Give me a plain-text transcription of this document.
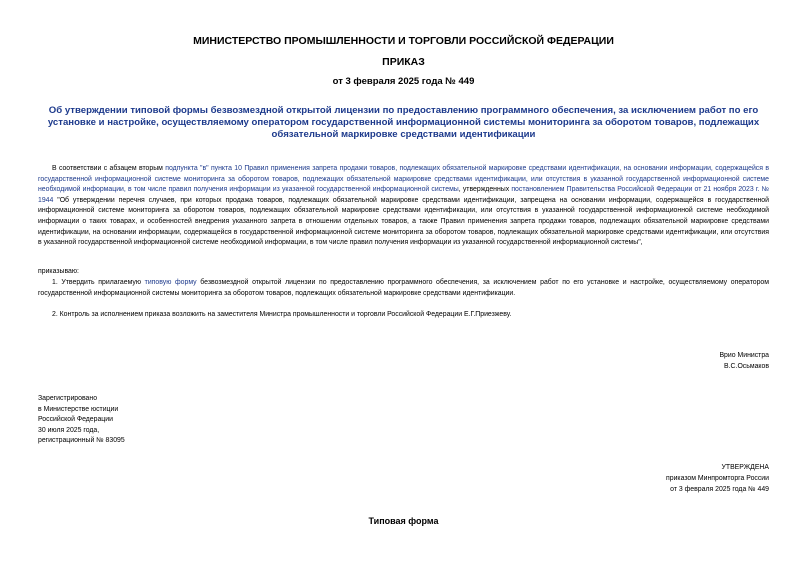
МИНИСТЕРСТВО ПРОМЫШЛЕННОСТИ И ТОРГОВЛИ РОССИЙСКОЙ ФЕДЕРАЦИИ
ПРИКАЗ
от 3 февраля 2025 года № 449
Об утверждении типовой формы безвозмездной открытой лицензии по предоставлению программного обеспечения, за исключением работ по его установке и настройке, осуществляемому оператором государственной информационной системы мониторинга за оборотом товаров, подлежащих обязательной маркировке средствами идентификации
В соответствии с абзацем вторым подпункта "в" пункта 10 Правил применения запрета продажи товаров, подлежащих обязательной маркировке средствами идентификации, на основании информации, содержащейся в государственной информационной системе мониторинга за оборотом товаров, подлежащих обязательной маркировке средствами идентификации, или отсутствия в указанной государственной информационной системе необходимой информации, в том числе правил получения информации из указанной государственной информационной системы, утвержденных постановлением Правительства Российской Федерации от 21 ноября 2023 г. № 1944 "Об утверждении перечня случаев, при которых продажа товаров, подлежащих обязательной маркировке средствами идентификации, запрещена на основании информации, содержащейся в государственной информационной системе мониторинга за оборотом товаров, подлежащих обязательной маркировке средствами идентификации, или отсутствия в указанной государственной информационной системе необходимой информации о таких товарах, и особенностей внедрения указанного запрета в отношении отдельных товаров, а также Правил применения запрета продажи товаров, подлежащих обязательной маркировке средствами идентификации, на основании информации, содержащейся в государственной информационной системе мониторинга за оборотом товаров, подлежащих обязательной маркировке средствами идентификации, или отсутствия в указанной государственной информационной системе необходимой информации, в том числе правил получения информации из указанной государственной информационной системы",
приказываю:
1. Утвердить прилагаемую типовую форму безвозмездной открытой лицензии по предоставлению программного обеспечения, за исключением работ по его установке и настройке, осуществляемому оператором государственной информационной системы мониторинга за оборотом товаров, подлежащих обязательной маркировке средствами идентификации.
2. Контроль за исполнением приказа возложить на заместителя Министра промышленности и торговли Российской Федерации Е.Г.Приезжеву.
Врио Министра
В.С.Осьмаков
Зарегистрировано
в Министерстве юстиции
Российской Федерации
30 июля 2025 года,
регистрационный № 83095
УТВЕРЖДЕНА
приказом Минпромторга России
от 3 февраля 2025 года № 449
Типовая форма
